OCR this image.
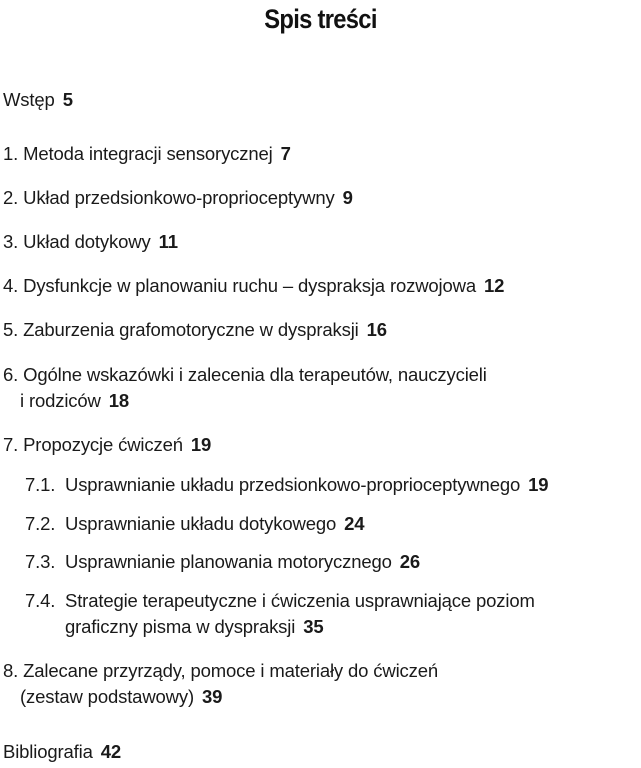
Spis treści
Wstęp 5
1. Metoda integracji sensorycznej 7
2. Układ przedsionkowo-proprioceptywny 9
3. Układ dotykowy 11
4. Dysfunkcje w planowaniu ruchu – dyspraksja rozwojowa 12
5. Zaburzenia grafomotoryczne w dyspraksji 16
6. Ogólne wskazówki i zalecenia dla terapeutów, nauczycieli
i rodziców 18
7. Propozycje ćwiczeń 19
7.1. Usprawnianie układu przedsionkowo-proprioceptywnego 19
7.2. Usprawnianie układu dotykowego 24
7.3. Usprawnianie planowania motorycznego 26
7.4. Strategie terapeutyczne i ćwiczenia usprawniające poziom
graficzny pisma w dyspraksji 35
8. Zalecane przyrządy, pomoce i materiały do ćwiczeń
(zestaw podstawowy) 39
Bibliografia 42
